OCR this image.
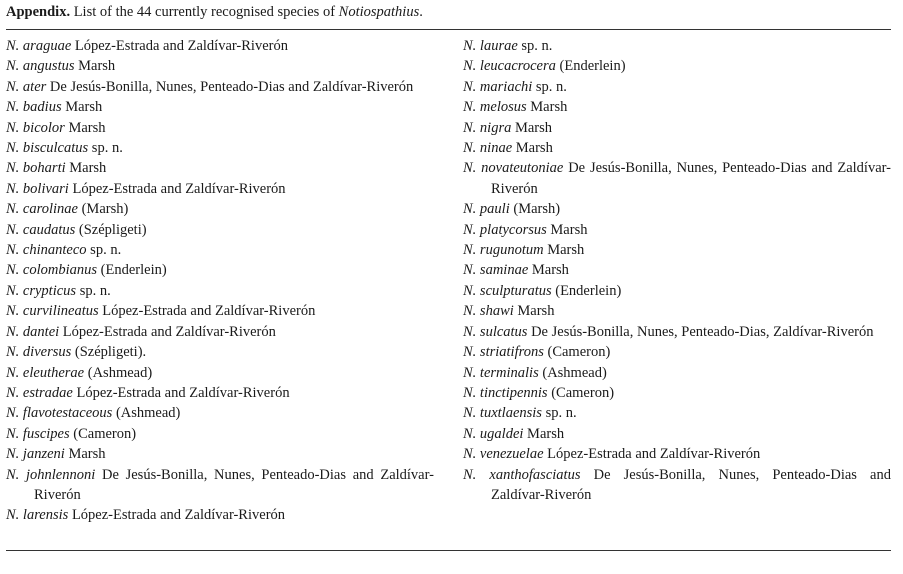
Appendix. List of the 44 currently recognised species of Notiospathius.
N. araguae López-Estrada and Zaldívar-Riverón
N. angustus Marsh
N. ater De Jesús-Bonilla, Nunes, Penteado-Dias and Zaldívar-Riverón
N. badius Marsh
N. bicolor Marsh
N. bisculcatus sp. n.
N. boharti Marsh
N. bolivari López-Estrada and Zaldívar-Riverón
N. carolinae (Marsh)
N. caudatus (Szépligeti)
N. chinanteco sp. n.
N. colombianus (Enderlein)
N. crypticus sp. n.
N. curvilineatus López-Estrada and Zaldívar-Riverón
N. dantei López-Estrada and Zaldívar-Riverón
N. diversus (Szépligeti).
N. eleutherae (Ashmead)
N. estradae López-Estrada and Zaldívar-Riverón
N. flavotestaceous (Ashmead)
N. fuscipes (Cameron)
N. janzeni Marsh
N. johnlennoni De Jesús-Bonilla, Nunes, Penteado-Dias and Zaldívar-Riverón
N. larensis López-Estrada and Zaldívar-Riverón
N. laurae sp. n.
N. leucacrocera (Enderlein)
N. mariachi sp. n.
N. melosus Marsh
N. nigra Marsh
N. ninae Marsh
N. novateutoniae De Jesús-Bonilla, Nunes, Penteado-Dias and Zaldívar-Riverón
N. pauli (Marsh)
N. platycorsus Marsh
N. rugunotum Marsh
N. saminae Marsh
N. sculpturatus (Enderlein)
N. shawi Marsh
N. sulcatus De Jesús-Bonilla, Nunes, Penteado-Dias, Zaldívar-Riverón
N. striatifrons (Cameron)
N. terminalis (Ashmead)
N. tinctipennis (Cameron)
N. tuxtlaensis sp. n.
N. ugaldei Marsh
N. venezuelae López-Estrada and Zaldívar-Riverón
N. xanthofasciatus De Jesús-Bonilla, Nunes, Penteado-Dias and Zaldívar-Riverón
